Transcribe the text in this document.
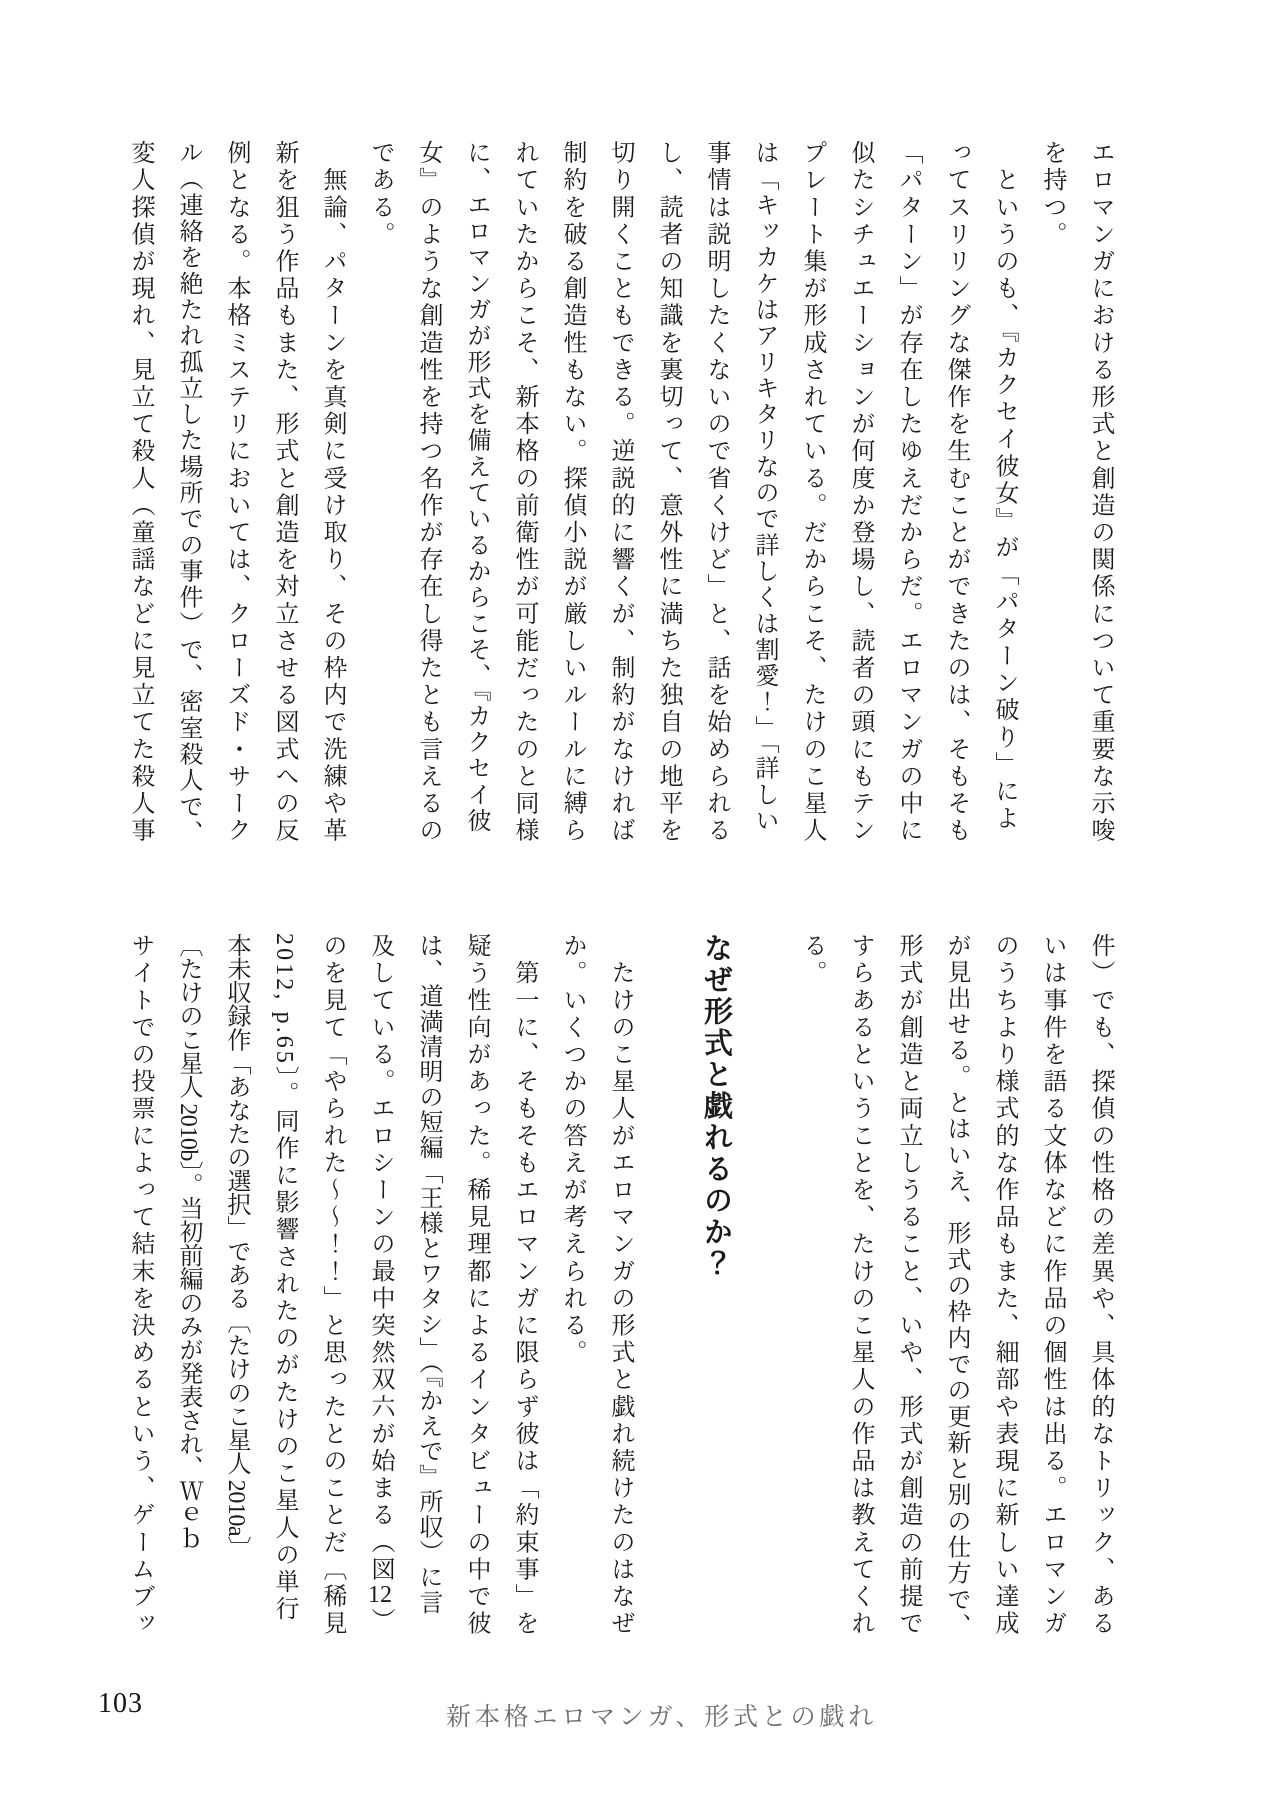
エロマンガにおける形式と創造の関係について重要な示唆
を持つ。
　というのも、『カクセイ彼女』が「パターン破り」によ
ってスリリングな傑作を生むことができたのは、そもそも
「パターン」が存在したゆえだからだ。エロマンガの中に
似たシチュエーションが何度か登場し、読者の頭にもテン
プレート集が形成されている。だからこそ、たけのこ星人
は「キッカケはアリキタリなので詳しくは割愛！」「詳しい
事情は説明したくないので省くけど」と、話を始められる
し、読者の知識を裏切って、意外性に満ちた独自の地平を
切り開くこともできる。逆説的に響くが、制約がなければ
制約を破る創造性もない。探偵小説が厳しいルールに縛ら
れていたからこそ、新本格の前衛性が可能だったのと同様
に、エロマンガが形式を備えているからこそ、『カクセイ彼
女』のような創造性を持つ名作が存在し得たとも言えるの
である。
　無論、パターンを真剣に受け取り、その枠内で洗練や革
新を狙う作品もまた、形式と創造を対立させる図式への反
例となる。本格ミステリにおいては、クローズド・サーク
ル（連絡を絶たれ孤立した場所での事件）で、密室殺人で、
変人探偵が現れ、見立て殺人（童謡などに見立てた殺人事
件）でも、探偵の性格の差異や、具体的なトリック、ある
いは事件を語る文体などに作品の個性は出る。エロマンガ
のうちより様式的な作品もまた、細部や表現に新しい達成
が見出せる。とはいえ、形式の枠内での更新と別の仕方で、
形式が創造と両立しうること、いや、形式が創造の前提で
すらあるということを、たけのこ星人の作品は教えてくれ
る。
なぜ形式と戯れるのか？
　たけのこ星人がエロマンガの形式と戯れ続けたのはなぜ
か。いくつかの答えが考えられる。
　第一に、そもそもエロマンガに限らず彼は「約束事」を
疑う性向があった。稀見理都によるインタビューの中で彼
は、道満清明の短編「王様とワタシ」（『かえで』所収）に言
及している。エロシーンの最中突然双六が始まる（図12）
のを見て「やられた～～！！」と思ったとのことだ〔稀見
2012, p.65〕。同作に影響されたのがたけのこ星人の単行
本未収録作「あなたの選択」である〔たけのこ星人 2010a〕
〔たけのこ星人 2010b〕。当初前編のみが発表され、Ｗｅｂ
サイトでの投票によって結末を決めるという、ゲームブッ
103	新本格エロマンガ、形式との戯れ
